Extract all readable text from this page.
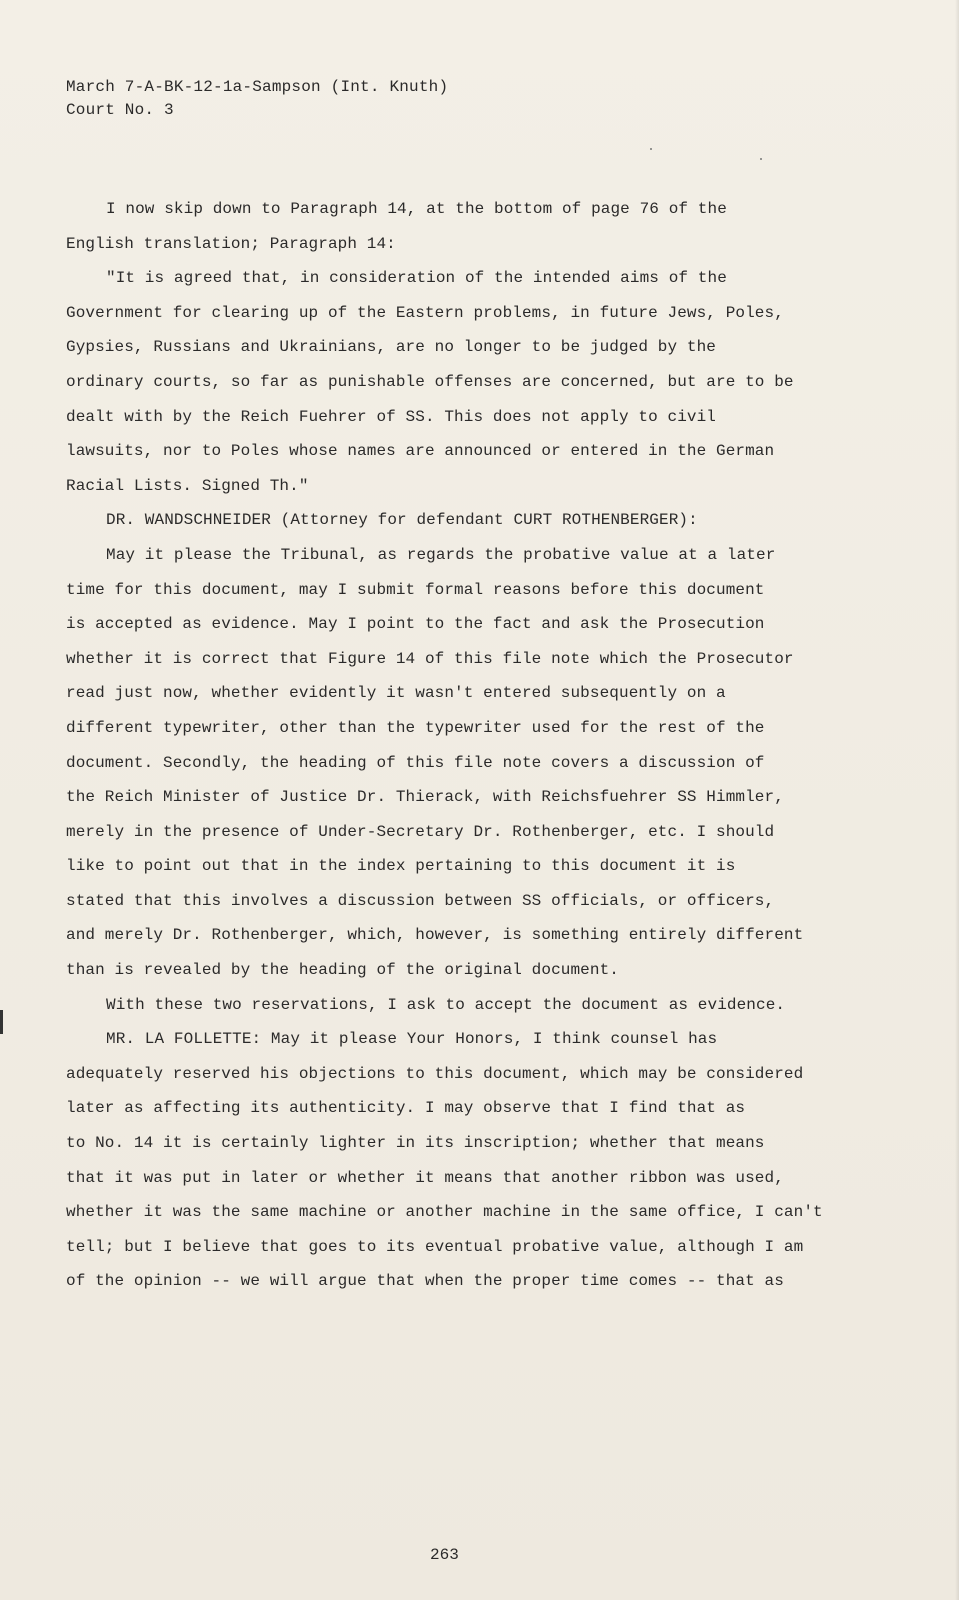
March 7-A-BK-12-1a-Sampson (Int. Knuth)
Court No. 3
I now skip down to Paragraph 14, at the bottom of page 76 of the
English translation; Paragraph 14:
"It is agreed that, in consideration of the intended aims of the
Government for clearing up of the Eastern problems, in future Jews, Poles,
Gypsies, Russians and Ukrainians, are no longer to be judged by the
ordinary courts, so far as punishable offenses are concerned, but are to be
dealt with by the Reich Fuehrer of SS. This does not apply to civil
lawsuits, nor to Poles whose names are announced or entered in the German
Racial Lists. Signed Th."
DR. WANDSCHNEIDER (Attorney for defendant CURT ROTHENBERGER):
May it please the Tribunal, as regards the probative value at a later
time for this document, may I submit formal reasons before this document
is accepted as evidence. May I point to the fact and ask the Prosecution
whether it is correct that Figure 14 of this file note which the Prosecutor
read just now, whether evidently it wasn't entered subsequently on a
different typewriter, other than the typewriter used for the rest of the
document. Secondly, the heading of this file note covers a discussion of
the Reich Minister of Justice Dr. Thierack, with Reichsfuehrer SS Himmler,
merely in the presence of Under-Secretary Dr. Rothenberger, etc. I should
like to point out that in the index pertaining to this document it is
stated that this involves a discussion between SS officials, or officers,
and merely Dr. Rothenberger, which, however, is something entirely different
than is revealed by the heading of the original document.
With these two reservations, I ask to accept the document as evidence.
MR. LA FOLLETTE: May it please Your Honors, I think counsel has
adequately reserved his objections to this document, which may be considered
later as affecting its authenticity. I may observe that I find that as
to No. 14 it is certainly lighter in its inscription; whether that means
that it was put in later or whether it means that another ribbon was used,
whether it was the same machine or another machine in the same office, I can't
tell; but I believe that goes to its eventual probative value, although I am
of the opinion -- we will argue that when the proper time comes -- that as
263
